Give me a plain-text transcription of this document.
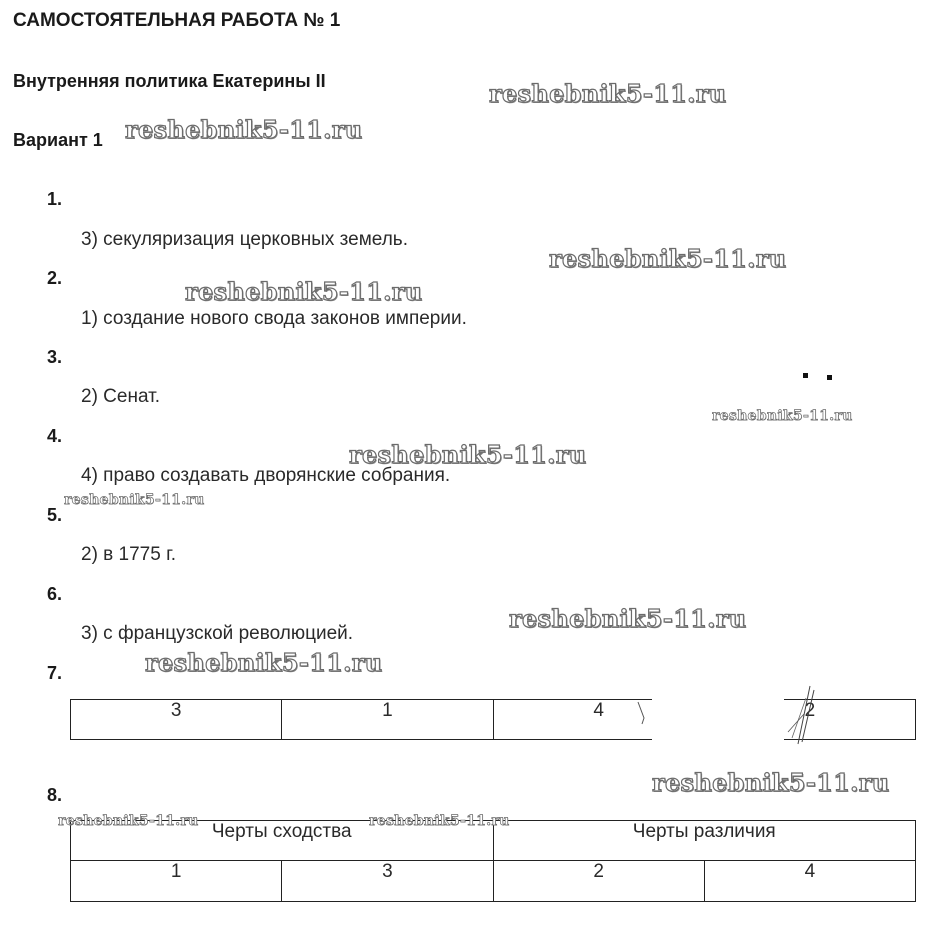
САМОСТОЯТЕЛЬНАЯ РАБОТА № 1
Внутренняя политика Екатерины II
Вариант 1
1.
3) секуляризация церковных земель.
2.
1) создание нового свода законов империи.
3.
2) Сенат.
4.
4) право создавать дворянские собрания.
5.
2) в 1775 г.
6.
3) с французской революцией.
7.
3	1	4	2
8.
Черты сходства		Черты различия	
1	3	2	4
reshebnik5-11.ru
reshebnik5-11.ru
reshebnik5-11.ru
reshebnik5-11.ru
reshebnik5-11.ru
reshebnik5-11.ru
reshebnik5-11.ru
reshebnik5-11.ru
reshebnik5-11.ru
reshebnik5-11.ru
reshebnik5-11.ru	reshebnik5-11.ru
